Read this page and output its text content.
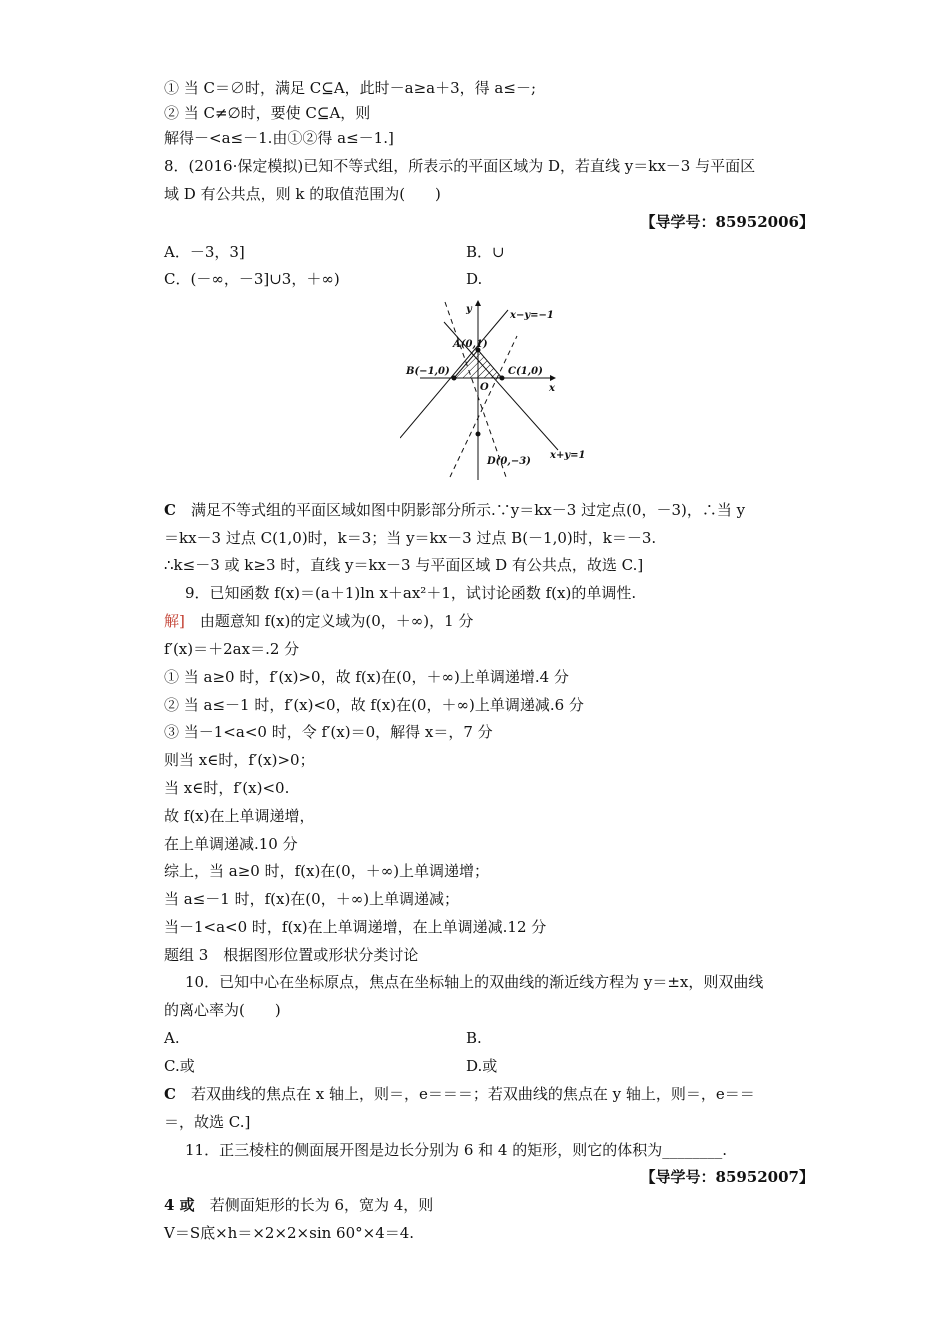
① 当 C＝∅时，满足 C⊆A，此时－a≥a＋3，得 a≤－;
② 当 C≠∅时，要使 C⊆A，则
解得－<a≤－1.由①②得 a≤－1.]
8．(2016·保定模拟)已知不等式组，所表示的平面区域为 D，若直线 y＝kx－3 与平面区
域 D 有公共点，则 k 的取值范围为(　　)
【导学号：85952006】
A．－3，3]	B．∪
C．(－∞，－3]∪3，＋∞)	D.
y
x
O
A(0,1)
B(−1,0)	C(1,0)
D(0,−3)
x−y=−1
x+y=1
C　 满足不等式组的平面区域如图中阴影部分所示.∵y＝kx－3 过定点(0，－3)，∴当 y
＝kx－3 过点 C(1,0)时，k＝3；当 y＝kx－3 过点 B(－1,0)时，k＝－3.
∴k≤－3 或 k≥3 时，直线 y＝kx－3 与平面区域 D 有公共点，故选 C.]
9．已知函数 f(x)＝(a＋1)ln x＋ax²＋1，试讨论函数 f(x)的单调性.
解]　 由题意知 f(x)的定义域为(0，＋∞)，1 分
f′(x)＝＋2ax＝.2 分
① 当 a≥0 时，f′(x)>0，故 f(x)在(0，＋∞)上单调递增.4 分
② 当 a≤－1 时，f′(x)<0，故 f(x)在(0，＋∞)上单调递减.6 分
③ 当－1<a<0 时，令 f′(x)＝0，解得 x＝，7 分
则当 x∈时，f′(x)>0；
当 x∈时，f′(x)<0.
故 f(x)在上单调递增，
在上单调递减.10 分
综上，当 a≥0 时，f(x)在(0，＋∞)上单调递增；
当 a≤－1 时，f(x)在(0，＋∞)上单调递减；
当－1<a<0 时，f(x)在上单调递增，在上单调递减.12 分
题组 3　根据图形位置或形状分类讨论
10．已知中心在坐标原点，焦点在坐标轴上的双曲线的渐近线方程为 y＝±x，则双曲线
的离心率为(　　)
A.	B.
C.或	D.或
C　 若双曲线的焦点在 x 轴上，则＝，e＝＝＝；若双曲线的焦点在 y 轴上，则＝，e＝＝
＝，故选 C.]
11．正三棱柱的侧面展开图是边长分别为 6 和 4 的矩形，则它的体积为________.
【导学号：85952007】
4 或　 若侧面矩形的长为 6，宽为 4，则
V＝S底×h＝×2×2×sin 60°×4＝4.
